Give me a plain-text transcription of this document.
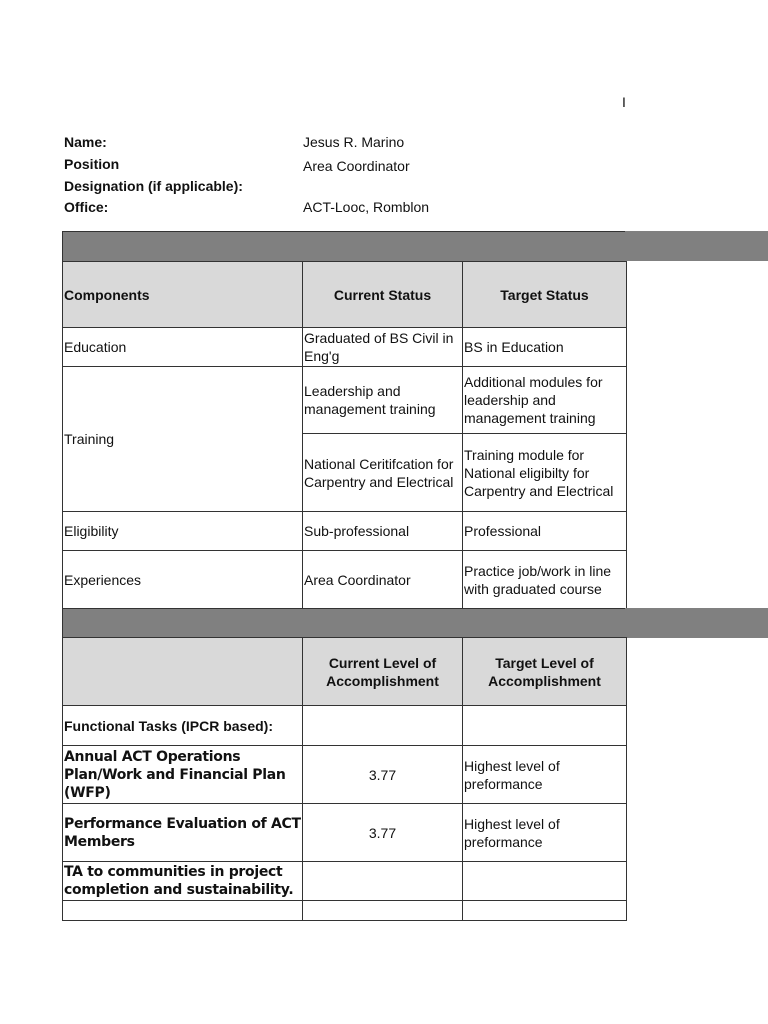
I
Name:	Jesus R. Marino
Position	Area Coordinator
Designation (if applicable):
Office:	ACT-Looc, Romblon
Components	Current Status	Target Status
Education	Graduated of BS Civil in Eng'g	BS in Education
Training	Leadership and management training	Additional modules for leadership and management training
	National Ceritifcation for Carpentry and Electrical	Training module for National eligibilty for Carpentry and Electrical
Eligibility	Sub-professional	Professional
Experiences	Area Coordinator	Practice job/work in line with graduated course
	Current Level of Accomplishment	Target Level of Accomplishment
Functional Tasks (IPCR based):		
Annual ACT Operations Plan/Work and Financial Plan (WFP)	3.77	Highest level of preformance
Performance Evaluation of ACT Members	3.77	Highest level of preformance
TA to communities in project completion and sustainability.		
